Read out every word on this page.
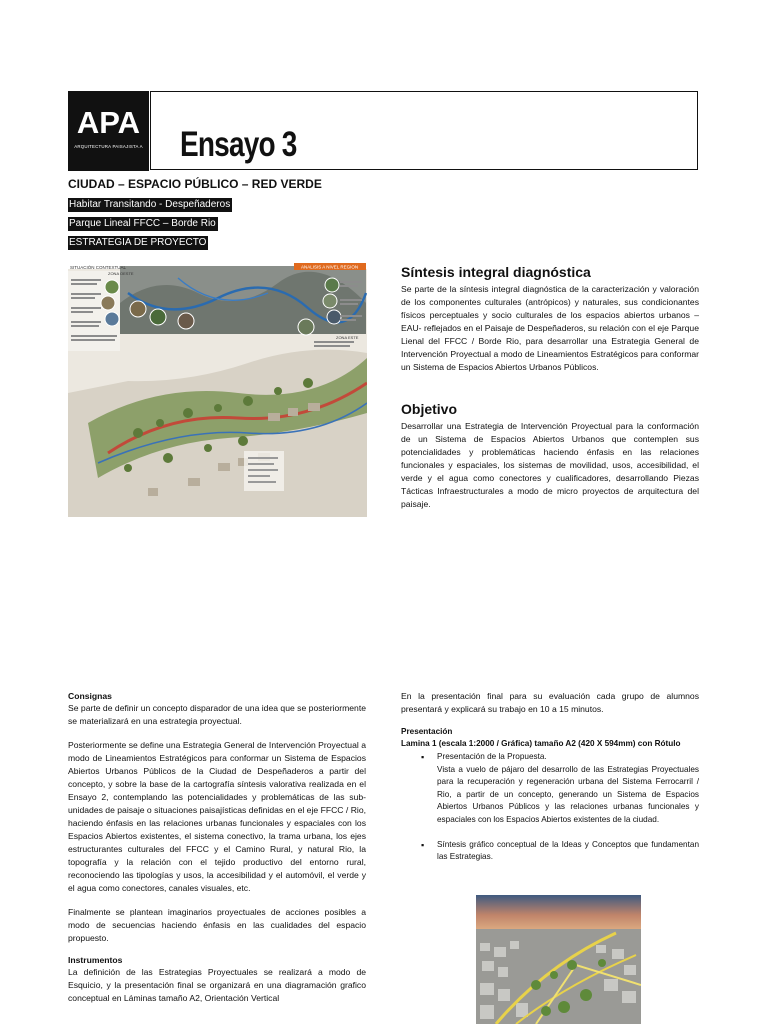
APA
ARQUITECTURA PAISAJISTA A Ensayo 3
CIUDAD – ESPACIO PÚBLICO – RED VERDE
Habitar Transitando - Despeñaderos
Parque Lineal FFCC – Borde Rio
ESTRATEGIA DE PROYECTO
ANALISIS A NIVEL REGION
SITUACIÓN CONTEXTUAL
ZONA OESTE
ZONA ESTE
Síntesis integral diagnóstica

Se parte de la síntesis integral diagnóstica de la caracterización y valoración de los componentes culturales (antrópicos) y naturales, sus condicionantes físicos perceptuales y socio culturales de los espacios abiertos urbanos –EAU- reflejados en el Paisaje de Despeñaderos, su relación con el eje Parque Lienal del FFCC / Borde Rio, para desarrollar una Estrategia General de Intervención Proyectual a modo de Lineamientos Estratégicos para conformar un Sistema de Espacios Abiertos Urbanos Públicos.

Objetivo

Desarrollar una Estrategia de Intervención Proyectual para la conformación de un Sistema de Espacios Abiertos Urbanos que contemplen sus potencialidades y problemáticas haciendo énfasis en las relaciones funcionales y espaciales, los sistemas de movilidad, usos, accesibilidad, el verde y el agua como conectores y cualificadores, desarrollando Piezas Tácticas Infraestructurales a modo de micro proyectos de arquitectura del paisaje.

Consignas

Se parte de definir un concepto disparador de una idea que se posteriormente se materializará en una estrategia proyectual.

Posteriormente se define una Estrategia General de Intervención Proyectual a modo de Lineamientos Estratégicos para conformar un Sistema de Espacios Abiertos Urbanos Públicos de la Ciudad de Despeñaderos a partir del concepto, y sobre la base de la cartografía síntesis valorativa realizada en el Ensayo 2, contemplando las potencialidades y problemáticas de las sub-unidades de paisaje o situaciones paisajísticas definidas en el eje FFCC / Rio, haciendo énfasis en las relaciones urbanas funcionales y espaciales con los Espacios Abiertos existentes, el sistema conectivo, la trama urbana, los ejes estructurantes culturales del FFCC y el Camino Rural, y natural Rio, la topografía y la relación con el tejido productivo del entorno rural, reconociendo las tipologías y usos, la accesibilidad y el automóvil, el verde y el agua como conectores, canales visuales, etc.

Finalmente se plantean imaginarios proyectuales de acciones posibles a modo de secuencias haciendo énfasis en las cualidades del espacio propuesto.

Instrumentos

La definición de las Estrategias Proyectuales se realizará a modo de Esquicio, y la presentación final se organizará en una diagramación grafico conceptual en Láminas tamaño A2, Orientación Vertical

En la presentación final para su evaluación cada grupo de alumnos presentará y explicará su trabajo en 10 a 15 minutos.

Presentación

Lamina 1 (escala 1:2000 / Gráfica) tamaño A2 (420 X 594mm) con Rótulo

▪ Presentación de la Propuesta.
Vista a vuelo de pájaro del desarrollo de las Estrategias Proyectuales para la recuperación y regeneración urbana del Sistema Ferrocarril / Rio, a partir de un concepto, generando un Sistema de Espacios Abiertos Urbanos Públicos y las relaciones urbanas funcionales y espaciales con los Espacios Abiertos existentes de la ciudad.
▪ Síntesis gráfico conceptual de la Ideas y Conceptos que fundamentan las Estrategias.
